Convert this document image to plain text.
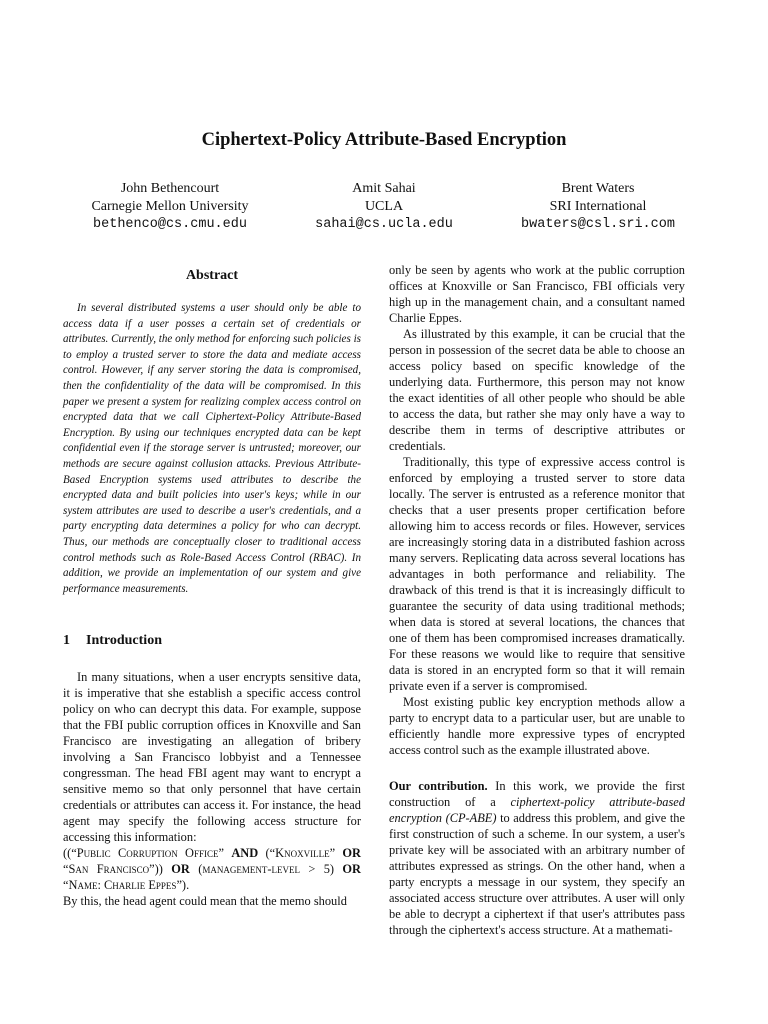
Ciphertext-Policy Attribute-Based Encryption
John Bethencourt
Carnegie Mellon University
bethenco@cs.cmu.edu
Amit Sahai
UCLA
sahai@cs.ucla.edu
Brent Waters
SRI International
bwaters@csl.sri.com
Abstract

In several distributed systems a user should only be able to access data if a user posses a certain set of credentials or attributes. Currently, the only method for enforcing such policies is to employ a trusted server to store the data and mediate access control. However, if any server storing the data is compromised, then the confidentiality of the data will be compromised. In this paper we present a system for realizing complex access control on encrypted data that we call Ciphertext-Policy Attribute-Based Encryption. By using our techniques encrypted data can be kept confidential even if the storage server is untrusted; moreover, our methods are secure against collusion attacks. Previous Attribute-Based Encryption systems used attributes to describe the encrypted data and built policies into user's keys; while in our system attributes are used to describe a user's credentials, and a party encrypting data determines a policy for who can decrypt. Thus, our methods are conceptually closer to traditional access control methods such as Role-Based Access Control (RBAC). In addition, we provide an implementation of our system and give performance measurements.

1 Introduction

In many situations, when a user encrypts sensitive data, it is imperative that she establish a specific access control policy on who can decrypt this data. For example, suppose that the FBI public corruption offices in Knoxville and San Francisco are investigating an allegation of bribery involving a San Francisco lobbyist and a Tennessee congressman. The head FBI agent may want to encrypt a sensitive memo so that only personnel that have certain credentials or attributes can access it. For instance, the head agent may specify the following access structure for accessing this information:

((“Public Corruption Office” AND (“Knoxville” OR “San Francisco”)) OR (management-level > 5) OR “Name: Charlie Eppes”).

By this, the head agent could mean that the memo should

only be seen by agents who work at the public corruption offices at Knoxville or San Francisco, FBI officials very high up in the management chain, and a consultant named Charlie Eppes.

As illustrated by this example, it can be crucial that the person in possession of the secret data be able to choose an access policy based on specific knowledge of the underlying data. Furthermore, this person may not know the exact identities of all other people who should be able to access the data, but rather she may only have a way to describe them in terms of descriptive attributes or credentials.

Traditionally, this type of expressive access control is enforced by employing a trusted server to store data locally. The server is entrusted as a reference monitor that checks that a user presents proper certification before allowing him to access records or files. However, services are increasingly storing data in a distributed fashion across many servers. Replicating data across several locations has advantages in both performance and reliability. The drawback of this trend is that it is increasingly difficult to guarantee the security of data using traditional methods; when data is stored at several locations, the chances that one of them has been compromised increases dramatically. For these reasons we would like to require that sensitive data is stored in an encrypted form so that it will remain private even if a server is compromised.

Most existing public key encryption methods allow a party to encrypt data to a particular user, but are unable to efficiently handle more expressive types of encrypted access control such as the example illustrated above.

Our contribution. In this work, we provide the first construction of a ciphertext-policy attribute-based encryption (CP-ABE) to address this problem, and give the first construction of such a scheme. In our system, a user's private key will be associated with an arbitrary number of attributes expressed as strings. On the other hand, when a party encrypts a message in our system, they specify an associated access structure over attributes. A user will only be able to decrypt a ciphertext if that user's attributes pass through the ciphertext's access structure. At a mathemati-
